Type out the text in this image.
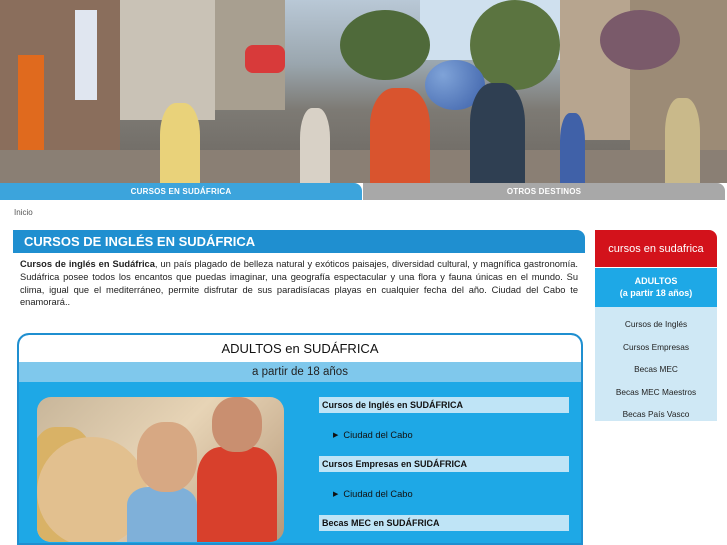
CURSOS EN SUDÁFRICA	OTROS DESTINOS
Inicio
CURSOS DE INGLÉS EN SUDÁFRICA

Cursos de inglés en Sudáfrica, un país plagado de belleza natural y exóticos paisajes, diversidad cultural, y magnífica gastronomía. Sudáfrica posee todos los encantos que puedas imaginar, una geografía espectacular y una flora y fauna únicas en el mundo. Su clima, igual que el mediterráneo, permite disfrutar de sus paradisíacas playas en cualquier fecha del año. Ciudad del Cabo te enamorará..

ADULTOS en SUDÁFRICA
a partir de 18 años
Cursos de Inglés en SUDÁFRICA
▶ Ciudad del Cabo
Cursos Empresas en SUDÁFRICA
▶ Ciudad del Cabo
Becas MEC en SUDÁFRICA
cursos en sudafrica
ADULTOS
(a partir 18 años)
Cursos de Inglés
Cursos Empresas
Becas MEC
Becas MEC Maestros
Becas País Vasco
